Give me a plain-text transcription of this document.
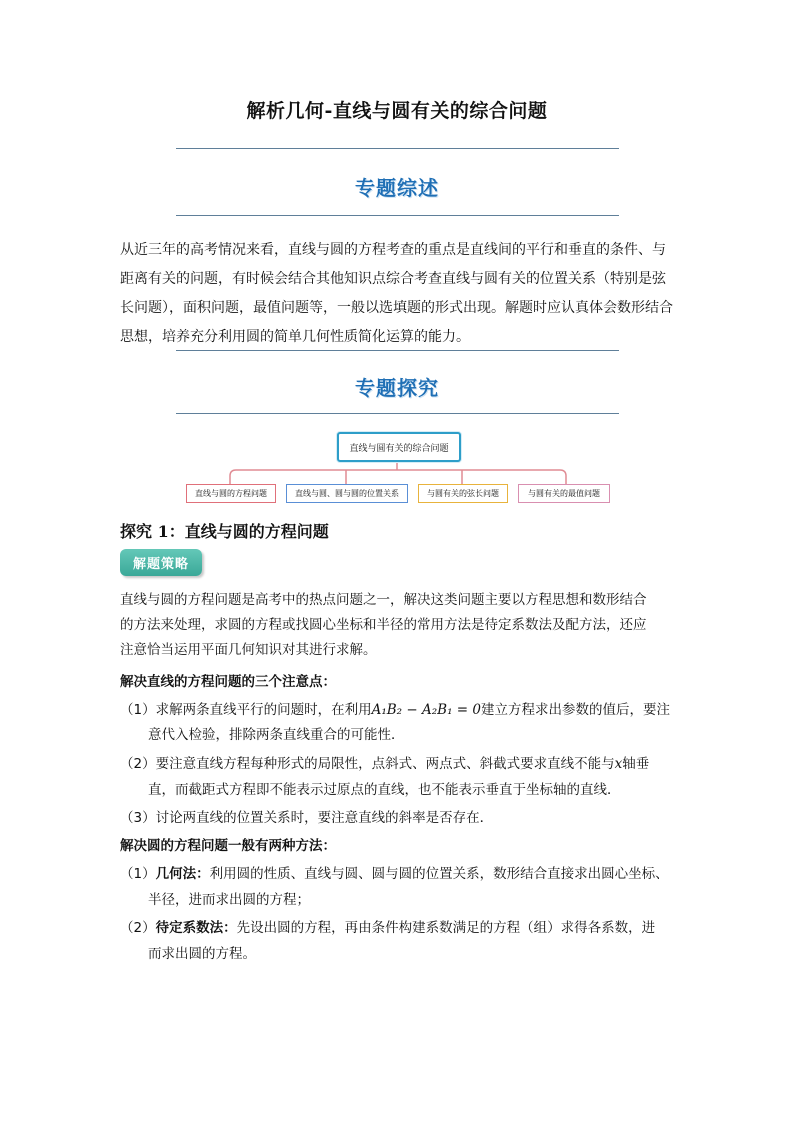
解析几何-直线与圆有关的综合问题
专题综述

从近三年的高考情况来看，直线与圆的方程考查的重点是直线间的平行和垂直的条件、与

距离有关的问题，有时候会结合其他知识点综合考查直线与圆有关的位置关系（特别是弦

长问题），面积问题，最值问题等，一般以选填题的形式出现。解题时应认真体会数形结合

思想，培养充分利用圆的简单几何性质简化运算的能力。

专题探究
直线与圆有关的综合问题
直线与圆的方程问题	直线与圆、圆与圆的位置关系	与圆有关的弦长问题	与圆有关的最值问题
探究 1：直线与圆的方程问题
解题策略

直线与圆的方程问题是高考中的热点问题之一，解决这类问题主要以方程思想和数形结合

的方法来处理，求圆的方程或找圆心坐标和半径的常用方法是待定系数法及配方法，还应

注意恰当运用平面几何知识对其进行求解。

解决直线的方程问题的三个注意点：
（1）求解两条直线平行的问题时，在利用A₁B₂ − A₂B₁ = 0建立方程求出参数的值后，要注
意代入检验，排除两条直线重合的可能性．
（2）要注意直线方程每种形式的局限性，点斜式、两点式、斜截式要求直线不能与x轴垂
直，而截距式方程即不能表示过原点的直线，也不能表示垂直于坐标轴的直线．
（3）讨论两直线的位置关系时，要注意直线的斜率是否存在．
解决圆的方程问题一般有两种方法：
（1）几何法：利用圆的性质、直线与圆、圆与圆的位置关系，数形结合直接求出圆心坐标、
半径，进而求出圆的方程；
（2）待定系数法：先设出圆的方程，再由条件构建系数满足的方程（组）求得各系数，进
而求出圆的方程。
